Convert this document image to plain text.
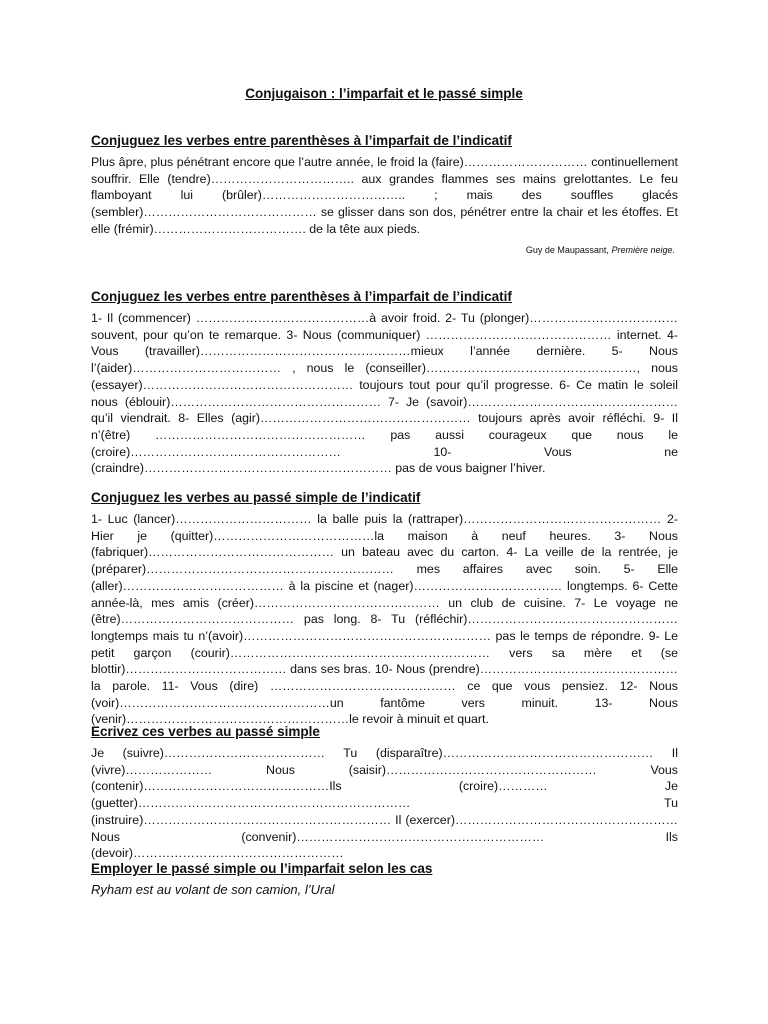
Conjugaison : l’imparfait et le passé simple
Conjuguez les verbes entre parenthèses à l’imparfait de l’indicatif

Plus âpre, plus pénétrant encore que l’autre année, le froid la (faire)………………………… continuellement souffrir. Elle (tendre)…………………………….. aux grandes flammes ses mains grelottantes. Le feu flamboyant lui (brûler)…………………………….. ; mais des souffles glacés (sembler)…………………………………… se glisser dans son dos, pénétrer entre la chair et les étoffes. Et elle (frémir)………………………………. de la tête aux pieds.

Guy de Maupassant, Première neige.
Conjuguez les verbes entre parenthèses à l’imparfait de l’indicatif

1- Il (commencer) ……………………………………à avoir froid. 2- Tu (plonger)……………………………… souvent, pour qu’on te remarque. 3- Nous (communiquer) ……………………………………… internet. 4- Vous (travailler)……………………………………………mieux l’année dernière. 5- Nous l’(aider)……………………………… , nous le (conseiller)……………………………………………, nous (essayer)…………………………………………… toujours tout pour qu’il progresse. 6- Ce matin le soleil nous (éblouir)…………………………………………… 7- Je (savoir)…………………………………………… qu’il viendrait. 8- Elles (agir)…………………………………………… toujours après avoir réfléchi. 9- Il n’(être) …………………………………………… pas aussi courageux que nous le (croire)…………………………………………… 10- Vous ne (craindre)…………………………………………………… pas de vous baigner l’hiver.

Conjuguez les verbes au passé simple de l’indicatif

1- Luc (lancer)…………………………… la balle puis la (rattraper)………………………………………… 2- Hier je (quitter)…………………………………la maison à neuf heures. 3- Nous (fabriquer)……………………………………… un bateau avec du carton. 4- La veille de la rentrée, je (préparer)…………………………………………………… mes affaires avec soin. 5- Elle (aller)………………………………… à la piscine et (nager)……………………………… longtemps. 6- Cette année-là, mes amis (créer)……………………………………… un club de cuisine. 7- Le voyage ne (être)…………………………………… pas long. 8- Tu (réfléchir)…………………………………………… longtemps mais tu n’(avoir)…………………………………………………… pas le temps de répondre. 9- Le petit garçon (courir)……………………………………………………… vers sa mère et (se blottir)………………………………… dans ses bras. 10- Nous (prendre)…………………………………………la parole. 11- Vous (dire) ……………………………………… ce que vous pensiez. 12- Nous (voir)……………………………………………un fantôme vers minuit. 13- Nous (venir)………………………………………………le revoir à minuit et quart.

Ecrivez ces verbes au passé simple

Je (suivre)………………………………… Tu (disparaître)…………………………………………… Il (vivre)………………… Nous (saisir)…………………………………………… Vous (contenir)………………………………………Ils (croire)………… Je (guetter)………………………………………………………… Tu (instruire)…………………………………………………… Il (exercer)……………………………………………… Nous (convenir)…………………………………………………… Ils (devoir)……………………………………………

Employer le passé simple ou l’imparfait selon les cas

Ryham est au volant de son camion, l’Ural
